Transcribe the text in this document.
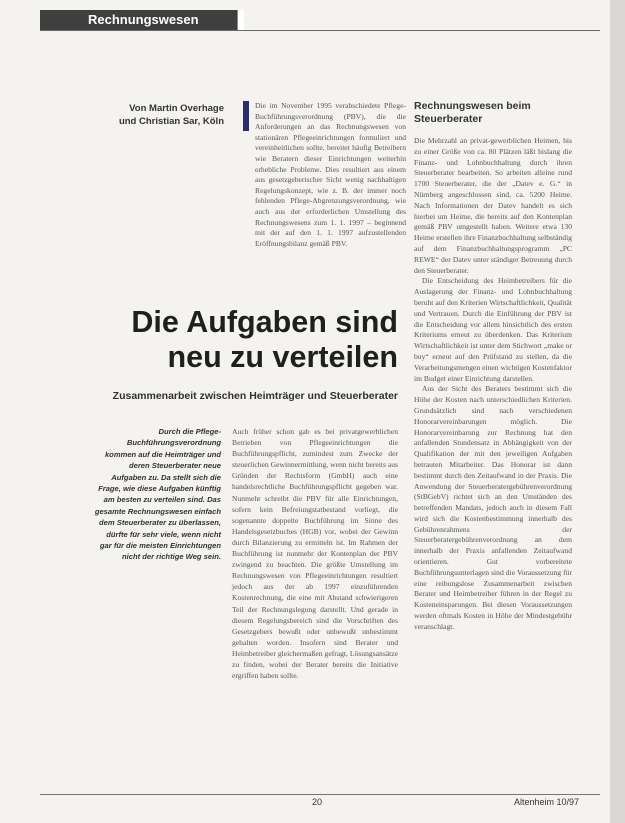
Rechnungswesen
Von Martin Overhage
und Christian Sar, Köln

Die im November 1995 verabschiedete Pflege-Buchführungsverordnung (PBV), die die Anforderungen an das Rechnungswesen von stationären Pflegeeinrichtungen formuliert und vereinheitlichen sollte, bereitet häufig Betreibern wie Beratern dieser Einrichtungen weiterhin erhebliche Probleme. Dies resultiert aus einem aus gesetzgeberischer Sicht wenig nachhaltigen Regelungskonzept, wie z. B. der immer noch fehlenden Pflege-Abgrenzungsverordnung, wie auch aus der erforderlichen Umstellung des Rechnungswesens zum 1. 1. 1997 – beginnend mit der auf den 1. 1. 1997 aufzustellenden Eröffnungsbilanz gemäß PBV.

Rechnungswesen beim Steuerberater

Die Mehrzahl an privat-gewerblichen Heimen, bis zu einer Größe von ca. 80 Plätzen läßt bislang die Finanz- und Lohnbuchhaltung durch ihren Steuerberater bearbeiten. So arbeiten alleine rund 1700 Steuerberater, die der „Datev e. G.“ in Nürnberg angeschlossen sind, ca. 5200 Heime. Nach Informationen der Datev handelt es sich hierbei um Heime, die bereits auf den Kontenplan gemäß PBV umgestellt haben. Weitere etwa 130 Heime erstellen ihre Finanzbuchhaltung selbständig auf dem Finanzbuchhaltungsprogramm „PC REWE“ der Datev unter ständiger Betreuung durch den Steuerberater.

Die Entscheidung des Heimbetreibers für die Auslagerung der Finanz- und Lohnbuchhaltung beruht auf den Kriterien Wirtschaftlichkeit, Qualität und Vertrauen. Durch die Einführung der PBV ist die Entscheidung vor allem hinsichtlich des ersten Kriteriums erneut zu überdenken. Das Kriterium Wirtschaftlichkeit ist unter dem Stichwort „make or buy“ erneut auf den Prüfstand zu stellen, da die Verarbeitungsmengen einen wichtigen Kostenfaktor im Budget einer Einrichtung darstellen.

Aus der Sicht des Beraters bestimmt sich die Höhe der Kosten nach unterschiedlichen Kriterien. Grundsätzlich sind nach verschiedenen Honorarvereinbarungen möglich. Die Honorarvereinbarung zur Rechnung hat den anfallenden Stundensatz in Abhängigkeit von der Qualifikation der mit den jeweiligen Aufgaben betrauten Mitarbeiter. Das Honorar ist dann bestimmt durch den Zeitaufwand in der Praxis. Die Anwendung der Steuerberatergebührenverordnung (StBGebV) richtet sich an den Umständen des betreffenden Mandats, jedoch auch in diesem Fall wird sich die Kostenbestimmung innerhalb des Gebührenrahmens der Steuerberatergebührenverordnung an dem innerhalb der Praxis anfallenden Zeitaufwand orientieren. Gut vorbereitete Buchführungsunterlagen sind die Voraussetzung für eine reibungslose Zusammenarbeit zwischen Berater und Heimbetreiber führen in der Regel zu Kosteneinsparungen. Bei diesen Voraussetzungen werden oftmals Kosten in Höhe der Mindestgebühr veranschlagt.

Die Aufgaben sind
neu zu verteilen
Zusammenarbeit zwischen Heimträger und Steuerberater
Durch die Pflege-Buchführungsverordnung kommen auf die Heimträger und deren Steuerberater neue Aufgaben zu. Da stellt sich die Frage, wie diese Aufgaben künftig am besten zu verteilen sind. Das gesamte Rechnungswesen einfach dem Steuerberater zu überlassen, dürfte für sehr viele, wenn nicht gar für die meisten Einrichtungen nicht der richtige Weg sein.

Auch früher schon gab es bei privatgewerblichen Betrieben von Pflegeeinrichtungen die Buchführungspflicht, zumindest zum Zwecke der steuerlichen Gewinnermittlung, wenn nicht bereits aus Gründen der Rechtsform (GmbH) auch eine handelsrechtliche Buchführungspflicht gegeben war. Nunmehr schreibt die PBV für alle Einrichtungen, sofern kein Befreiungstatbestand vorliegt, die sogenannte doppelte Buchführung im Sinne des Handelsgesetzbuches (HGB) vor, wobei der Gewinn durch Bilanzierung zu ermitteln ist. Im Rahmen der Buchführung ist nunmehr der Kontenplan der PBV zwingend zu beachten. Die größte Umstellung im Rechnungswesen von Pflegeeinrichtungen resultiert jedoch aus der ab 1997 einzuführenden Kostenrechnung, die eine mit Abstand schwierigeren Teil der Rechnungslegung darstellt. Und gerade in diesem Regelungsbereich sind die Vorschriften des Gesetzgebers bewußt oder unbewußt unbestimmt gehalten worden. Insofern sind Berater und Heimbetreiber gleichermaßen gefragt, Lösungsansätze zu finden, wobei der Berater bereits die Initiative ergriffen haben sollte.

20	Altenheim 10/97
